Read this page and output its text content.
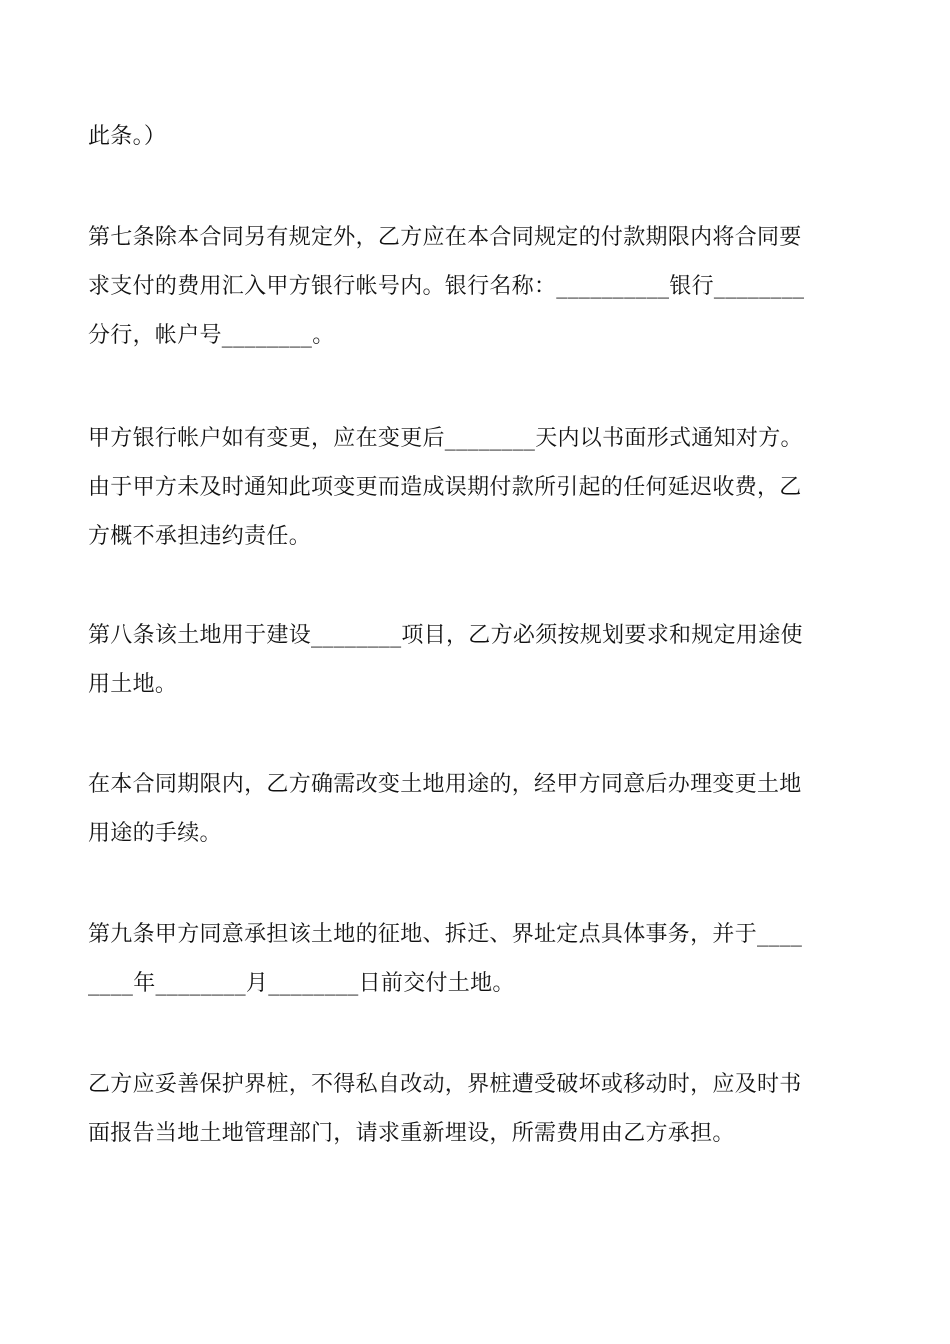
此条。）
第七条除本合同另有规定外，乙方应在本合同规定的付款期限内将合同要
求支付的费用汇入甲方银行帐号内。银行名称：__________银行________
分行，帐户号________。
甲方银行帐户如有变更，应在变更后________天内以书面形式通知对方。
由于甲方未及时通知此项变更而造成误期付款所引起的任何延迟收费，乙
方概不承担违约责任。
第八条该土地用于建设________项目，乙方必须按规划要求和规定用途使
用土地。
在本合同期限内，乙方确需改变土地用途的，经甲方同意后办理变更土地
用途的手续。
第九条甲方同意承担该土地的征地、拆迁、界址定点具体事务，并于____
____年________月________日前交付土地。
乙方应妥善保护界桩，不得私自改动，界桩遭受破坏或移动时，应及时书
面报告当地土地管理部门，请求重新埋设，所需费用由乙方承担。
